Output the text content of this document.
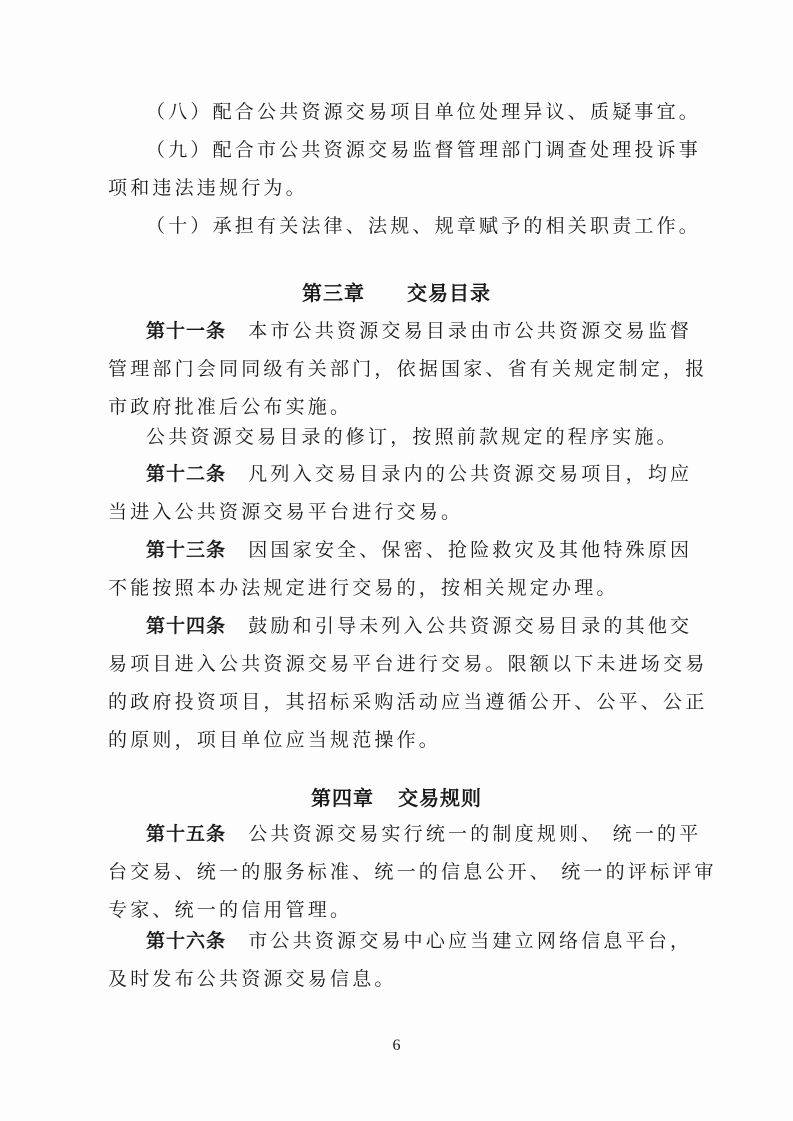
（八）配合公共资源交易项目单位处理异议、质疑事宜。
（九）配合市公共资源交易监督管理部门调查处理投诉事
项和违法违规行为。
（十）承担有关法律、法规、规章赋予的相关职责工作。
第三章 交易目录
第十一条　 本市公共资源交易目录由市公共资源交易监督
管理部门会同同级有关部门，依据国家、省有关规定制定，报
市政府批准后公布实施。
公共资源交易目录的修订，按照前款规定的程序实施。
第十二条　 凡列入交易目录内的公共资源交易项目，均应
当进入公共资源交易平台进行交易。
第十三条　 因国家安全、保密、抢险救灾及其他特殊原因
不能按照本办法规定进行交易的，按相关规定办理。
第十四条　 鼓励和引导未列入公共资源交易目录的其他交
易项目进入公共资源交易平台进行交易。限额以下未进场交易
的政府投资项目，其招标采购活动应当遵循公开、公平、公正
的原则，项目单位应当规范操作。
第四章 交易规则
第十五条　 公共资源交易实行统一的制度规则、 统一的平
台交易、统一的服务标准、统一的信息公开、 统一的评标评审
专家、统一的信用管理。
第十六条　 市公共资源交易中心应当建立网络信息平台，
及时发布公共资源交易信息。
6
